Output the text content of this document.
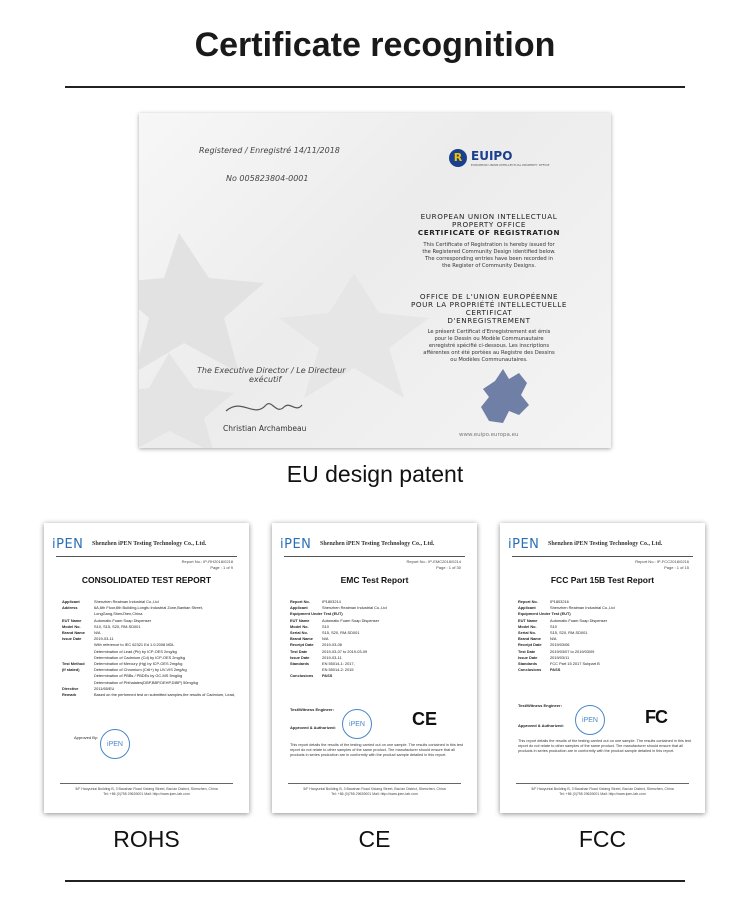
Certificate recognition
Registered / Enregistré 14/11/2018
No 005823804-0001
R EUIPO
EUROPEAN UNION INTELLECTUAL PROPERTY OFFICE
EUROPEAN UNION INTELLECTUAL
PROPERTY OFFICE
CERTIFICATE OF REGISTRATION
This Certificate of Registration is hereby issued for the Registered Community Design identified below. The corresponding entries have been recorded in the Register of Community Designs.
OFFICE DE L'UNION EUROPÉENNE
POUR LA PROPRIÉTÉ INTELLECTUELLE
CERTIFICAT
D'ENREGISTREMENT
Le présent Certificat d'Enregistrement est émis pour le Dessin ou Modèle Communautaire enregistré spécifié ci-dessous. Les inscriptions afférentes ont été portées au Registre des Dessins ou Modèles Communautaires.
The Executive Director / Le Directeur
exécutif
Christian Archambeau
www.euipo.europa.eu
EU design patent
iPEN Shenzhen iPEN Testing Technology Co., Ltd.
Report No.: IP-RH2018/0218
Page : 1 of 9
CONSOLIDATED TEST REPORT
Applicant	Shenzhen Realman Industrial Co.,Ltd
Address	6A,6th Floor,6th Building,Longfu Industrial Zone,Bantian Street,
LongGang,ShenZhen,China
EUT Name	Automatic Foam Soap Dispenser
Model No.	S10, S15, S20, RM-SD001
Brand Name	N/A
Issue Date	2019-03-11
With reference to IEC 62321 Ed 1.0:2008 MDL
Determination of Lead (Pb) by ICP-OES 2mg/kg
Determination of Cadmium (Cd) by ICP-OES 2mg/kg
Test Method	Determination of Mercury (Hg) by ICP-OES 2mg/kg
(If stated)	Determination of Chromium (Cr6+) by UV-VIS 2mg/kg
Determination of PBBs / PBDEs by GC-MS 5mg/kg
Determination of Phthalates(DBP,BBP,DEHP,DIBP) 50mg/kg
Directive	2011/65/EU
Remark	Based on the performed test on submitted samples,the results of Cadmium, Lead,
Approved By:
iPEN
5/F Haoyunlai Building B, 3 Baoshan Road Xixiang Street, Bao'an District, Shenzhen, China
Tel: +86 (0)755 29639001 Mail: http://www.ipen-lab.com
iPEN Shenzhen iPEN Testing Technology Co., Ltd.
Report No.: IP-EMC2018/0214
Page : 1 of 30
EMC Test Report
Report No.	IP1803214
Applicant	Shenzhen Realman Industrial Co.,Ltd
Equipment Under Test (EUT)
EUT Name	Automatic Foam Soap Dispenser
Model No.	S10
Serial No.	S15, S20, RM-SD001
Brand Name	N/A
Receipt Date	2019-03-06
Test Date	2019-03-07 to 2019-03-09
Issue Date	2019-03-11
Standards	EN 55014-1: 2017,
EN 55014-2: 2015
Conclusions	PASS
Test/Witness Engineer:
Approved & Authorized:	iPEN	CE
This report details the results of the testing carried out on one sample. The results contained in this test report do not relate to other samples of the same product. The manufacturer should ensure that all products in series production are in conformity with the product sample detailed in this report.
5/F Haoyunlai Building B, 3 Baoshan Road Xixiang Street, Bao'an District, Shenzhen, China
Tel: +86 (0)755 29639001 Mail: http://www.ipen-lab.com
iPEN Shenzhen iPEN Testing Technology Co., Ltd.
Report No.: IP-FCC2018/0216
Page : 1 of 15
FCC Part 15B Test Report
Report No.	IP1803216
Applicant	Shenzhen Realman Industrial Co.,Ltd
Equipment Under Test (EUT)
EUT Name	Automatic Foam Soap Dispenser
Model No.	S10
Serial No.	S15, S20, RM-SD001
Brand Name	N/A
Receipt Date	2019/03/06
Test Date	2019/03/07 to 2019/03/09
Issue Date	2019/03/11
Standards	FCC Part 15 2017 Subpart B
Conclusions	PASS
Test/Witness Engineer:
Approved & Authorized:
iPEN	FC
This report details the results of the testing carried out on one sample. The results contained in this test report do not relate to other samples of the same product. The manufacturer should ensure that all products in series production are in conformity with the product sample detailed in this report.
5/F Haoyunlai Building B, 3 Baoshan Road Xixiang Street, Bao'an District, Shenzhen, China
Tel: +86 (0)755 29639001 Mail: http://www.ipen-lab.com
ROHS	CE	FCC
